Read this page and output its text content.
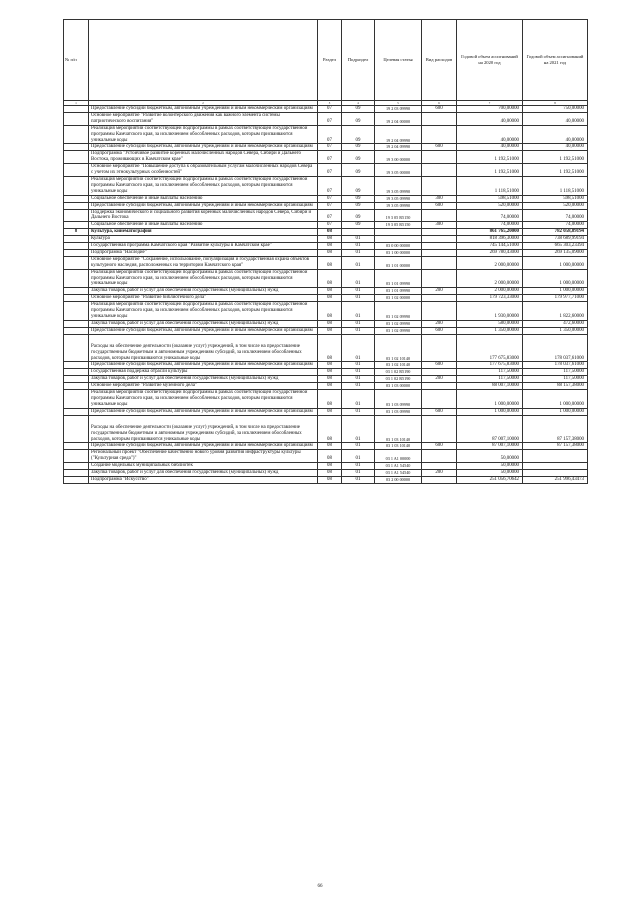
№ п/п		Раздел	Подраздел	Целевая статья	Вид расходов	Годовой объем ассигнований на 2020 год	Годовой объем ассигнований на 2021 год
1	2	3	4	5	6	7	8
	Предоставление субсидий бюджетным, автономным учреждениям и иным некоммерческим организациям	07	09	19 2 03 09990	600	700,00000	750,00000
	Основное мероприятие "Развитие волонтерского движения как важного элемента системы патриотического воспитания"	07	09	19 2 04 00000		40,00000	40,00000
	Реализация мероприятий соответствующей подпрограммы в рамках соответствующей государственной программы Камчатского края, за исключением обособленных расходов, которым присваиваются уникальные коды	07	09	19 2 04 09990		40,00000	40,00000
	Предоставление субсидий бюджетным, автономным учреждениям и иным некоммерческим организациям	07	09	19 2 04 09990	600	40,00000	40,00000
	Подпрограмма "Устойчивое развитие коренных малочисленных народов Севера, Сибири и Дальнего Востока, проживающих в Камчатском крае"	07	09	19 3 00 00000		1 192,51000	1 192,51000
	Основное мероприятие "Повышение доступа к образовательным услугам малочисленных народов Севера с учетом их этнокультурных особенностей"	07	09	19 3 05 00000		1 192,51000	1 192,51000
	Реализация мероприятий соответствующей подпрограммы в рамках соответствующей государственной программы Камчатского края, за исключением обособленных расходов, которым присваиваются уникальные коды	07	09	19 3 05 09990		1 118,51000	1 118,51000
	Социальное обеспечение и иные выплаты населению	07	09	19 3 05 09990	300	598,51000	598,51000
	Предоставление субсидий бюджетным, автономным учреждениям и иным некоммерческим организациям	07	09	19 3 05 09990	600	520,00000	520,00000
	Поддержка экономического и социального развития коренных малочисленных народов Севера, Сибири и Дальнего Востока	07	09	19 3 05 R5150		74,00000	74,00000
	Социальное обеспечение и иные выплаты населению	07	09	19 3 05 R5150	300	74,00000	74,00000
8	Культура, кинематография	08				861 765,20000	782 058,89194
	Культура	08	01			818 396,30000	738 689,99194
	Государственная программа Камчатского края "Развитие культуры в Камчатском крае"	08	01	03 0 00 00000		745 144,51000	665 303,23394
	Подпрограмма "Наследие"	08	01	03 1 00 00000		269 780,43000	269 135,09000
	Основное мероприятие "Сохранение, использование, популяризация и государственная охрана объектов культурного наследия, расположенных на территории Камчатского края"	08	01	03 1 01 00000		2 000,00000	1 000,00000
	Реализация мероприятий соответствующей подпрограммы в рамках соответствующей государственной программы Камчатского края, за исключением обособленных расходов, которым присваиваются уникальные коды	08	01	03 1 01 09990		2 000,00000	1 000,00000
	Закупка товаров, работ и услуг для обеспечения государственных (муниципальных) нужд	08	01	03 1 01 09990	200	2 000,00000	1 000,00000
	Основное мероприятие "Развитие библиотечного дела"	08	01	03 1 02 00000		179 723,33000	179 977,71000
	Реализация мероприятий соответствующей подпрограммы в рамках соответствующей государственной программы Камчатского края, за исключением обособленных расходов, которым присваиваются уникальные коды	08	01	03 1 02 09990		1 930,00000	1 822,60000
	Закупка товаров, работ и услуг для обеспечения государственных (муниципальных) нужд	08	01	03 1 02 09990	200	580,00000	472,60000
	Предоставление субсидий бюджетным, автономным учреждениям и иным некоммерческим организациям	08	01	03 1 02 09990	600	1 350,00000	1 350,00000
	Расходы на обеспечение деятельности (оказание услуг) учреждений, в том числе на предоставление государственным бюджетным и автономным учреждениям субсидий, за исключением обособленных расходов, которым присваиваются уникальные коды	08	01	03 1 02 10140		177 675,83000	178 037,61000
	Предоставление субсидий бюджетным, автономным учреждениям и иным некоммерческим организациям	08	01	03 1 02 10140	600	177 675,83000	178 037,61000
	Государственная поддержка отрасли культуры	08	01	03 1 02 R5190		117,50000	117,50000
	Закупка товаров, работ и услуг для обеспечения государственных (муниципальных) нужд	08	01	03 1 02 R5190	200	117,50000	117,50000
	Основное мероприятие "Развитие музейного дела"	08	01	03 1 03 00000		88 007,10000	88 157,38000
	Реализация мероприятий соответствующей подпрограммы в рамках соответствующей государственной программы Камчатского края, за исключением обособленных расходов, которым присваиваются уникальные коды	08	01	03 1 03 09990		1 000,00000	1 000,00000
	Предоставление субсидий бюджетным, автономным учреждениям и иным некоммерческим организациям	08	01	03 1 03 09990	600	1 000,00000	1 000,00000
	Расходы на обеспечение деятельности (оказание услуг) учреждений, в том числе на предоставление государственным бюджетным и автономным учреждениям субсидий, за исключением обособленных расходов, которым присваиваются уникальные коды	08	01	03 1 03 10140		87 007,10000	87 157,38000
	Предоставление субсидий бюджетным, автономным учреждениям и иным некоммерческим организациям	08	01	03 1 03 10140	600	87 007,10000	87 157,38000
	Региональный проект "Обеспечение качественно нового уровня развития инфраструктуры культуры ("Культурная среда")"	08	01	03 1 A1 00000		50,00000	
	Создание модельных муниципальных библиотек	08	01	03 1 A1 54540		50,00000	
	Закупка товаров, работ и услуг для обеспечения государственных (муниципальных) нужд	08	01	03 1 A1 54540	200	50,00000	
	Подпрограмма "Искусство"	08	01	03 2 00 00000		251 056,70642	251 996,43473
66
